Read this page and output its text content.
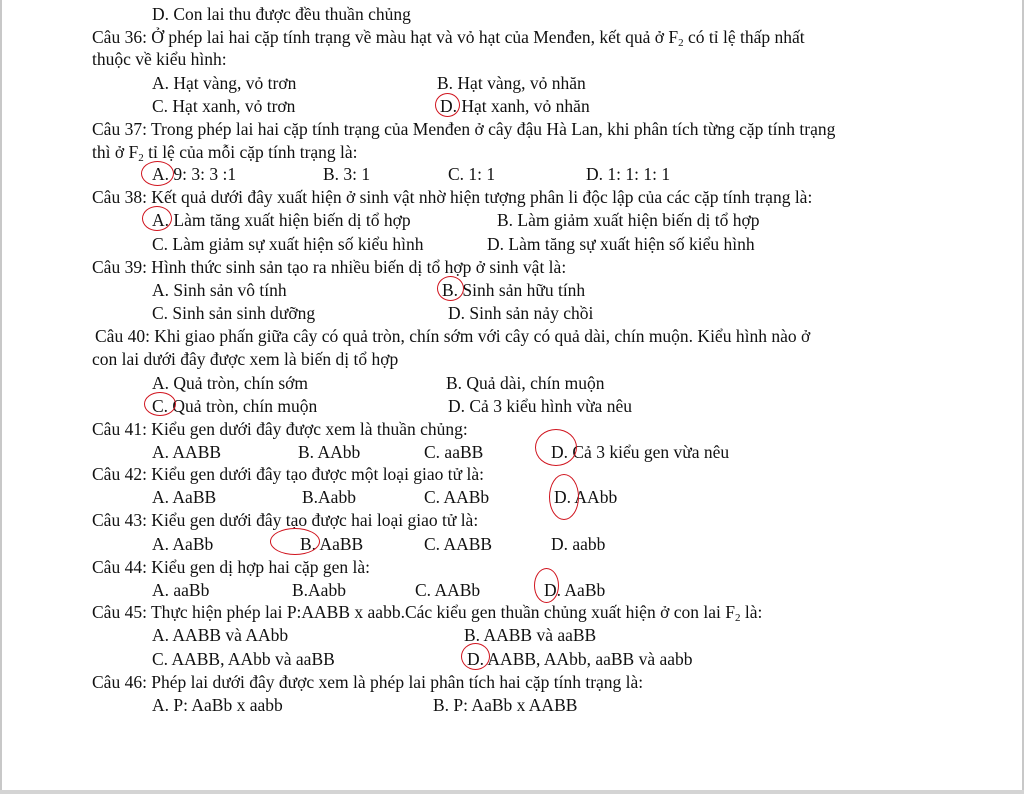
D. Con lai thu được đều thuần chủng
Câu 36: Ở phép lai hai cặp tính trạng về màu hạt và vỏ hạt của Menđen, kết quả ở $F_2$ có tỉ lệ thấp nhất
thuộc về kiểu hình:
A. Hạt vàng, vỏ trơn	B. Hạt vàng, vỏ nhăn
C. Hạt xanh, vỏ trơn	D. Hạt xanh, vỏ nhăn
Câu 37: Trong phép lai hai cặp tính trạng của Menđen ở cây đậu Hà Lan, khi phân tích từng cặp tính trạng
thì ở $F_2$ tỉ lệ của mỗi cặp tính trạng là:
A. 9: 3: 3 :1	B. 3: 1	C. 1: 1	D. 1: 1: 1: 1
Câu 38: Kết quả dưới đây xuất hiện ở sinh vật nhờ hiện tượng phân li độc lập của các cặp tính trạng là:
A. Làm tăng xuất hiện biến dị tổ hợp	B. Làm giảm xuất hiện biến dị tổ hợp
C. Làm giảm sự xuất hiện số kiểu hình	D. Làm tăng sự xuất hiện số kiểu hình
Câu 39: Hình thức sinh sản tạo ra nhiều biến dị tổ hợp ở sinh vật là:
A. Sinh sản vô tính	B. Sinh sản hữu tính
C. Sinh sản sinh dưỡng	D. Sinh sản nảy chồi
Câu 40: Khi giao phấn giữa cây có quả tròn, chín sớm với cây có quả dài, chín muộn. Kiểu hình nào ở
con lai dưới đây được xem là biến dị tổ hợp
A. Quả tròn, chín sớm	B. Quả dài, chín muộn
C. Quả tròn, chín muộn	D. Cả 3 kiểu hình vừa nêu
Câu 41: Kiểu gen dưới đây được xem là thuần chủng:
A. AABB	B. AAbb	C. aaBB	D. Cả 3 kiểu gen vừa nêu
Câu 42: Kiểu gen dưới đây tạo được một loại giao tử là:
A. AaBB	B.Aabb	C. AABb	D. AAbb
Câu 43: Kiểu gen dưới đây tạo được hai loại giao tử là:
A. AaBb	B. AaBB	C. AABB	D. aabb
Câu 44: Kiểu gen dị hợp hai cặp gen là:
A. aaBb	B.Aabb	C. AABb	D. AaBb
Câu 45: Thực hiện phép lai P:AABB x aabb.Các kiểu gen thuần chủng xuất hiện ở con lai $F_2$ là:
A. AABB và AAbb	B. AABB và aaBB
C. AABB, AAbb và aaBB	D. AABB, AAbb, aaBB và aabb
Câu 46: Phép lai dưới đây được xem là phép lai phân tích hai cặp tính trạng là:
A. P: AaBb x aabb	B. P: AaBb x AABB
